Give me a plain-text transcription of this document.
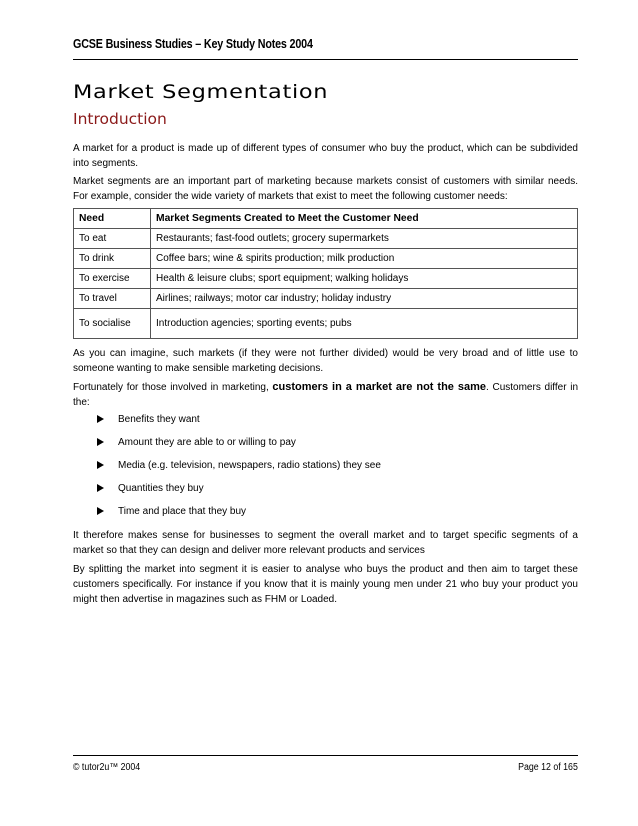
GCSE Business Studies – Key Study Notes 2004
Market Segmentation
Introduction

A market for a product is made up of different types of consumer who buy the product, which can be subdivided into segments.

Market segments are an important part of marketing because markets consist of customers with similar needs. For example, consider the wide variety of markets that exist to meet the following customer needs:

Need	Market Segments Created to Meet the Customer Need
To eat	Restaurants; fast-food outlets; grocery supermarkets
To drink	Coffee bars; wine & spirits production; milk production
To exercise	Health & leisure clubs; sport equipment; walking holidays
To travel	Airlines; railways; motor car industry; holiday industry
To socialise	Introduction agencies; sporting events; pubs

As you can imagine, such markets (if they were not further divided) would be very broad and of little use to someone wanting to make sensible marketing decisions.

Fortunately for those involved in marketing, customers in a market are not the same. Customers differ in the:

Benefits they want
Amount they are able to or willing to pay
Media (e.g. television, newspapers, radio stations) they see
Quantities they buy
Time and place that they buy

It therefore makes sense for businesses to segment the overall market and to target specific segments of a market so that they can design and deliver more relevant products and services

By splitting the market into segment it is easier to analyse who buys the product and then aim to target these customers specifically. For instance if you know that it is mainly young men under 21 who buy your product you might then advertise in magazines such as FHM or Loaded.

© tutor2u™ 2004	Page 12 of 165
